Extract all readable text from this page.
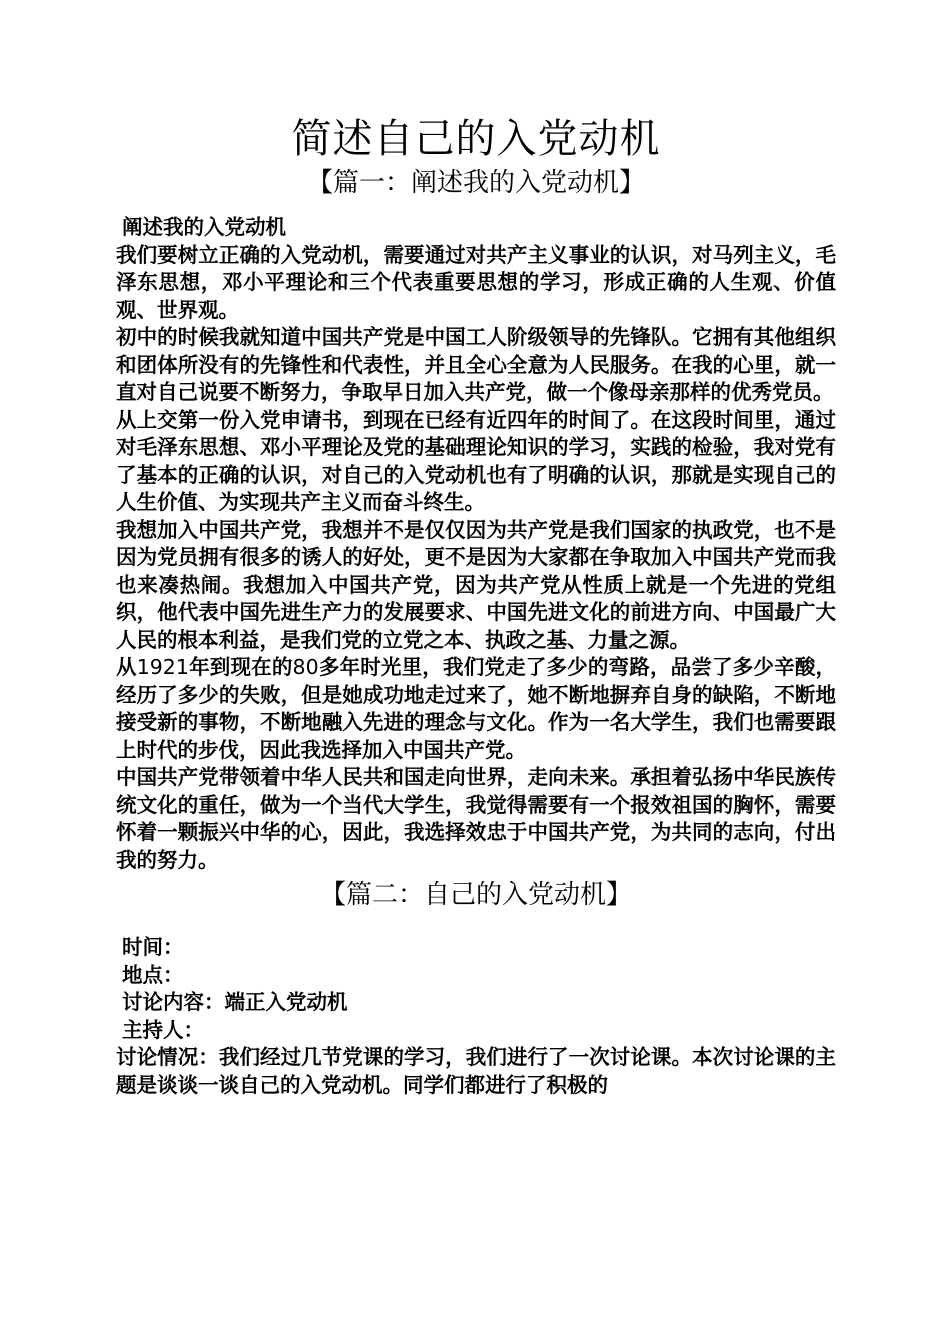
简述自己的入党动机
【篇一：阐述我的入党动机】

阐述我的入党动机

我们要树立正确的入党动机，需要通过对共产主义事业的认识，对马列主义，毛泽东思想，邓小平理论和三个代表重要思想的学习，形成正确的人生观、价值观、世界观。

初中的时候我就知道中国共产党是中国工人阶级领导的先锋队。它拥有其他组织和团体所没有的先锋性和代表性，并且全心全意为人民服务。在我的心里，就一直对自己说要不断努力，争取早日加入共产党，做一个像母亲那样的优秀党员。

从上交第一份入党申请书，到现在已经有近四年的时间了。在这段时间里，通过对毛泽东思想、邓小平理论及党的基础理论知识的学习，实践的检验，我对党有了基本的正确的认识，对自己的入党动机也有了明确的认识，那就是实现自己的人生价值、为实现共产主义而奋斗终生。

我想加入中国共产党，我想并不是仅仅因为共产党是我们国家的执政党，也不是因为党员拥有很多的诱人的好处，更不是因为大家都在争取加入中国共产党而我也来凑热闹。我想加入中国共产党，因为共产党从性质上就是一个先进的党组织，他代表中国先进生产力的发展要求、中国先进文化的前进方向、中国最广大人民的根本利益，是我们党的立党之本、执政之基、力量之源。

从1921年到现在的80多年时光里，我们党走了多少的弯路，品尝了多少辛酸，经历了多少的失败，但是她成功地走过来了，她不断地摒弃自身的缺陷，不断地接受新的事物，不断地融入先进的理念与文化。作为一名大学生，我们也需要跟上时代的步伐，因此我选择加入中国共产党。

中国共产党带领着中华人民共和国走向世界，走向未来。承担着弘扬中华民族传统文化的重任，做为一个当代大学生，我觉得需要有一个报效祖国的胸怀，需要怀着一颗振兴中华的心，因此，我选择效忠于中国共产党，为共同的志向，付出我的努力。

【篇二：自己的入党动机】

时间：

地点：

讨论内容：端正入党动机

主持人：

讨论情况：我们经过几节党课的学习，我们进行了一次讨论课。本次讨论课的主题是谈谈一谈自己的入党动机。同学们都进行了积极的
